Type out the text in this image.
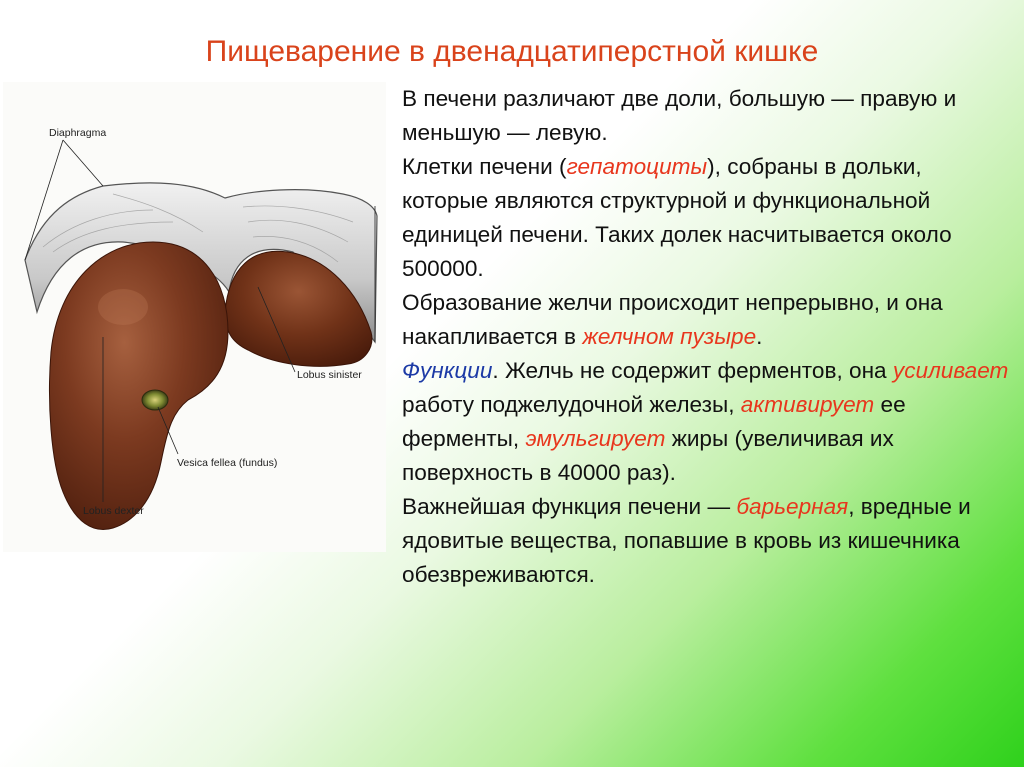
Пищеварение в двенадцатиперстной кишке
Diaphragma
Lobus sinister
Vesica fellea (fundus)
Lobus dexter

В печени различают две доли, большую — правую и меньшую — левую.

Клетки печени (гепатоциты), собраны в дольки, которые являются структурной и функциональной единицей печени. Таких долек насчитывается около 500000.

Образование желчи происходит непрерывно, и она накапливается в желчном пузыре.

Функции. Желчь не содержит ферментов, она усиливает работу поджелудочной железы, активирует ее ферменты, эмульгирует жиры (увеличивая их поверхность в 40000 раз).

Важнейшая функция печени — барьерная, вредные и ядовитые вещества, попавшие в кровь из кишечника обезвреживаются.
